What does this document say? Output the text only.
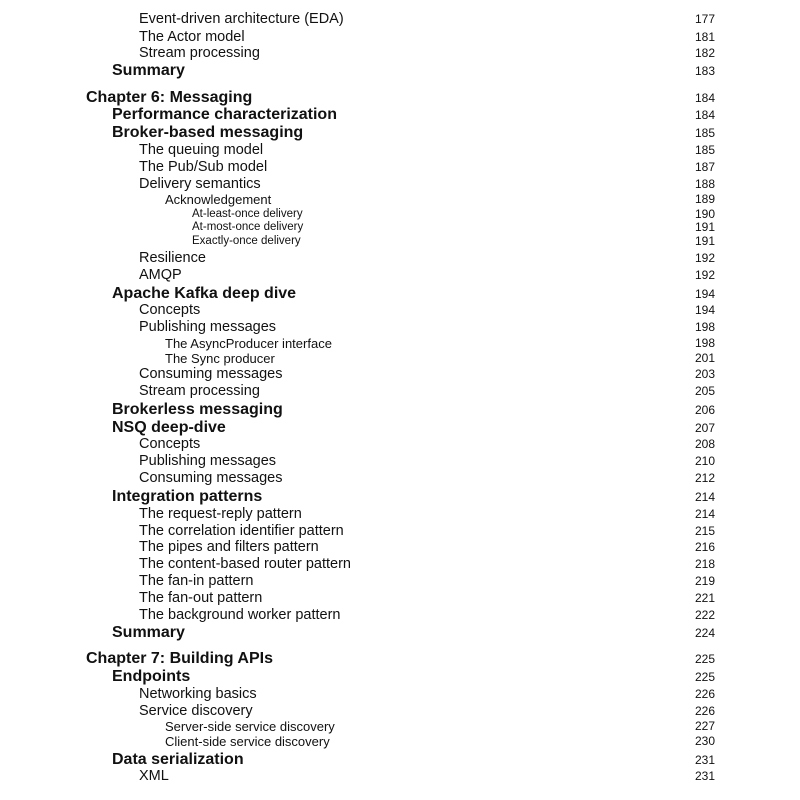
Event-driven architecture (EDA)	177
The Actor model	181
Stream processing	182
Summary	183
Chapter 6: Messaging	184
Performance characterization	184
Broker-based messaging	185
The queuing model	185
The Pub/Sub model	187
Delivery semantics	188
Acknowledgement	189
At-least-once delivery	190
At-most-once delivery	191
Exactly-once delivery	191
Resilience	192
AMQP	192
Apache Kafka deep dive	194
Concepts	194
Publishing messages	198
The AsyncProducer interface	198
The Sync producer	201
Consuming messages	203
Stream processing	205
Brokerless messaging	206
NSQ deep-dive	207
Concepts	208
Publishing messages	210
Consuming messages	212
Integration patterns	214
The request-reply pattern	214
The correlation identifier pattern	215
The pipes and filters pattern	216
The content-based router pattern	218
The fan-in pattern	219
The fan-out pattern	221
The background worker pattern	222
Summary	224
Chapter 7: Building APIs	225
Endpoints	225
Networking basics	226
Service discovery	226
Server-side service discovery	227
Client-side service discovery	230
Data serialization	231
XML	231
